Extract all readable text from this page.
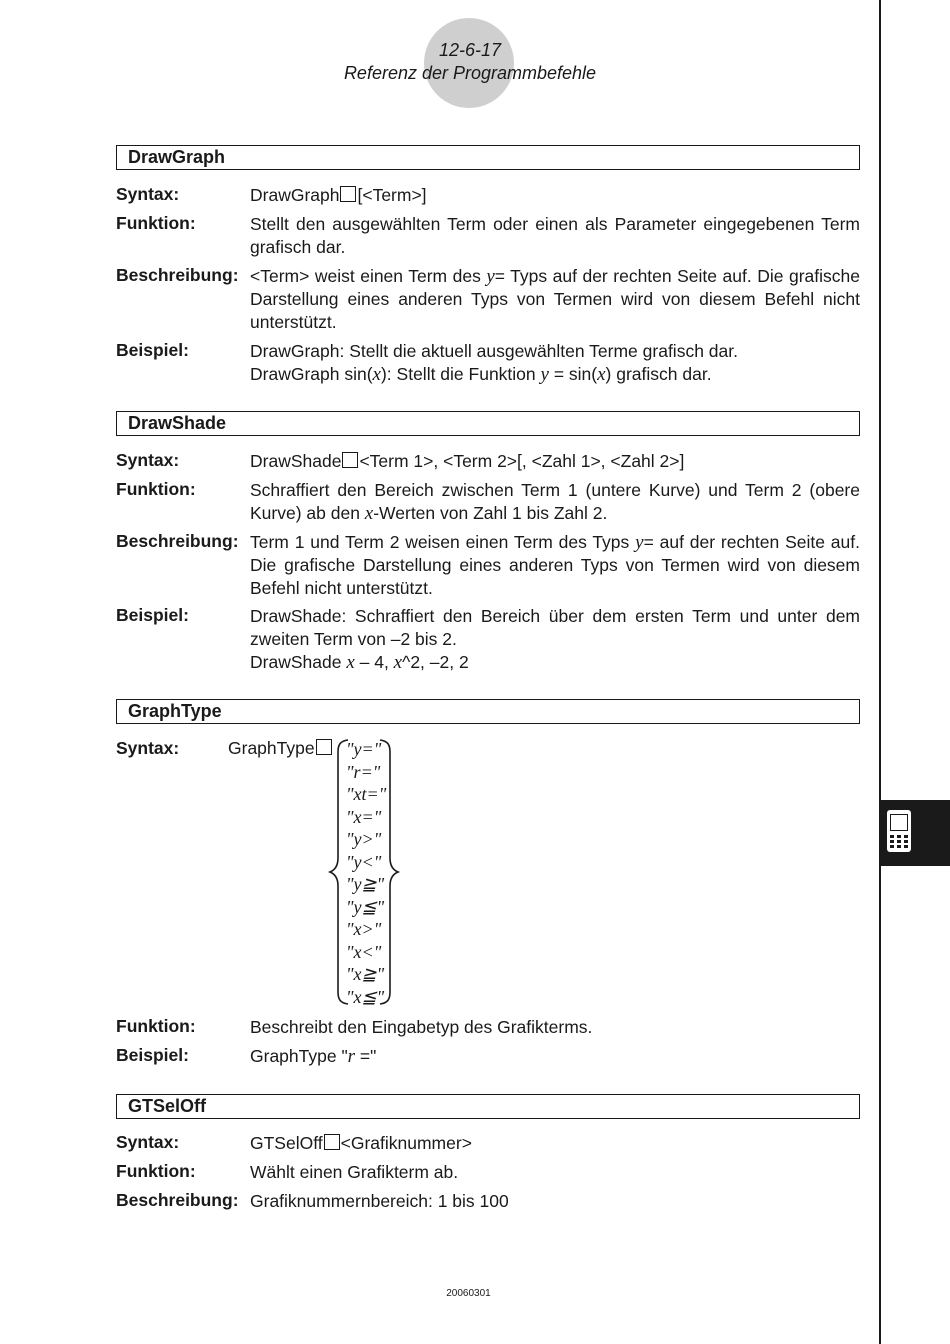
12-6-17
Referenz der Programmbefehle
DrawGraph
Syntax:	DrawGraph [<Term>]
Funktion:	Stellt den ausgewählten Term oder einen als Parameter eingegebenen Term
grafisch dar.
Beschreibung: <Term> weist einen Term des y= Typs auf der rechten Seite auf. Die grafische
Darstellung eines anderen Typs von Termen wird von diesem Befehl nicht
unterstützt.
Beispiel:	DrawGraph: Stellt die aktuell ausgewählten Terme grafisch dar.
DrawGraph sin(x): Stellt die Funktion y = sin(x) grafisch dar.
DrawShade
Syntax:	DrawShade <Term 1>, <Term 2>[, <Zahl 1>, <Zahl 2>]
Funktion:	Schraffiert den Bereich zwischen Term 1 (untere Kurve) und Term 2 (obere
Kurve) ab den x-Werten von Zahl 1 bis Zahl 2.
Beschreibung: Term 1 und Term 2 weisen einen Term des Typs y= auf der rechten Seite auf.
Die grafische Darstellung eines anderen Typs von Termen wird von diesem
Befehl nicht unterstützt.
Beispiel:	DrawShade: Schraffiert den Bereich über dem ersten Term und unter dem
zweiten Term von –2 bis 2.
DrawShade x – 4, x^2, –2, 2
GraphType
Syntax:	GraphType	"y="
"r="
"xt="
"x="
"y>"
"y<"
"y≧"
"y≦"
"x>"
"x<"
"x≧"
"x≦"
Funktion:	Beschreibt den Eingabetyp des Grafikterms.
Beispiel:	GraphType "r ="
GTSelOff
Syntax:	GTSelOff <Grafiknummer>
Funktion:	Wählt einen Grafikterm ab.
Beschreibung: Grafiknummernbereich: 1 bis 100
20060301
